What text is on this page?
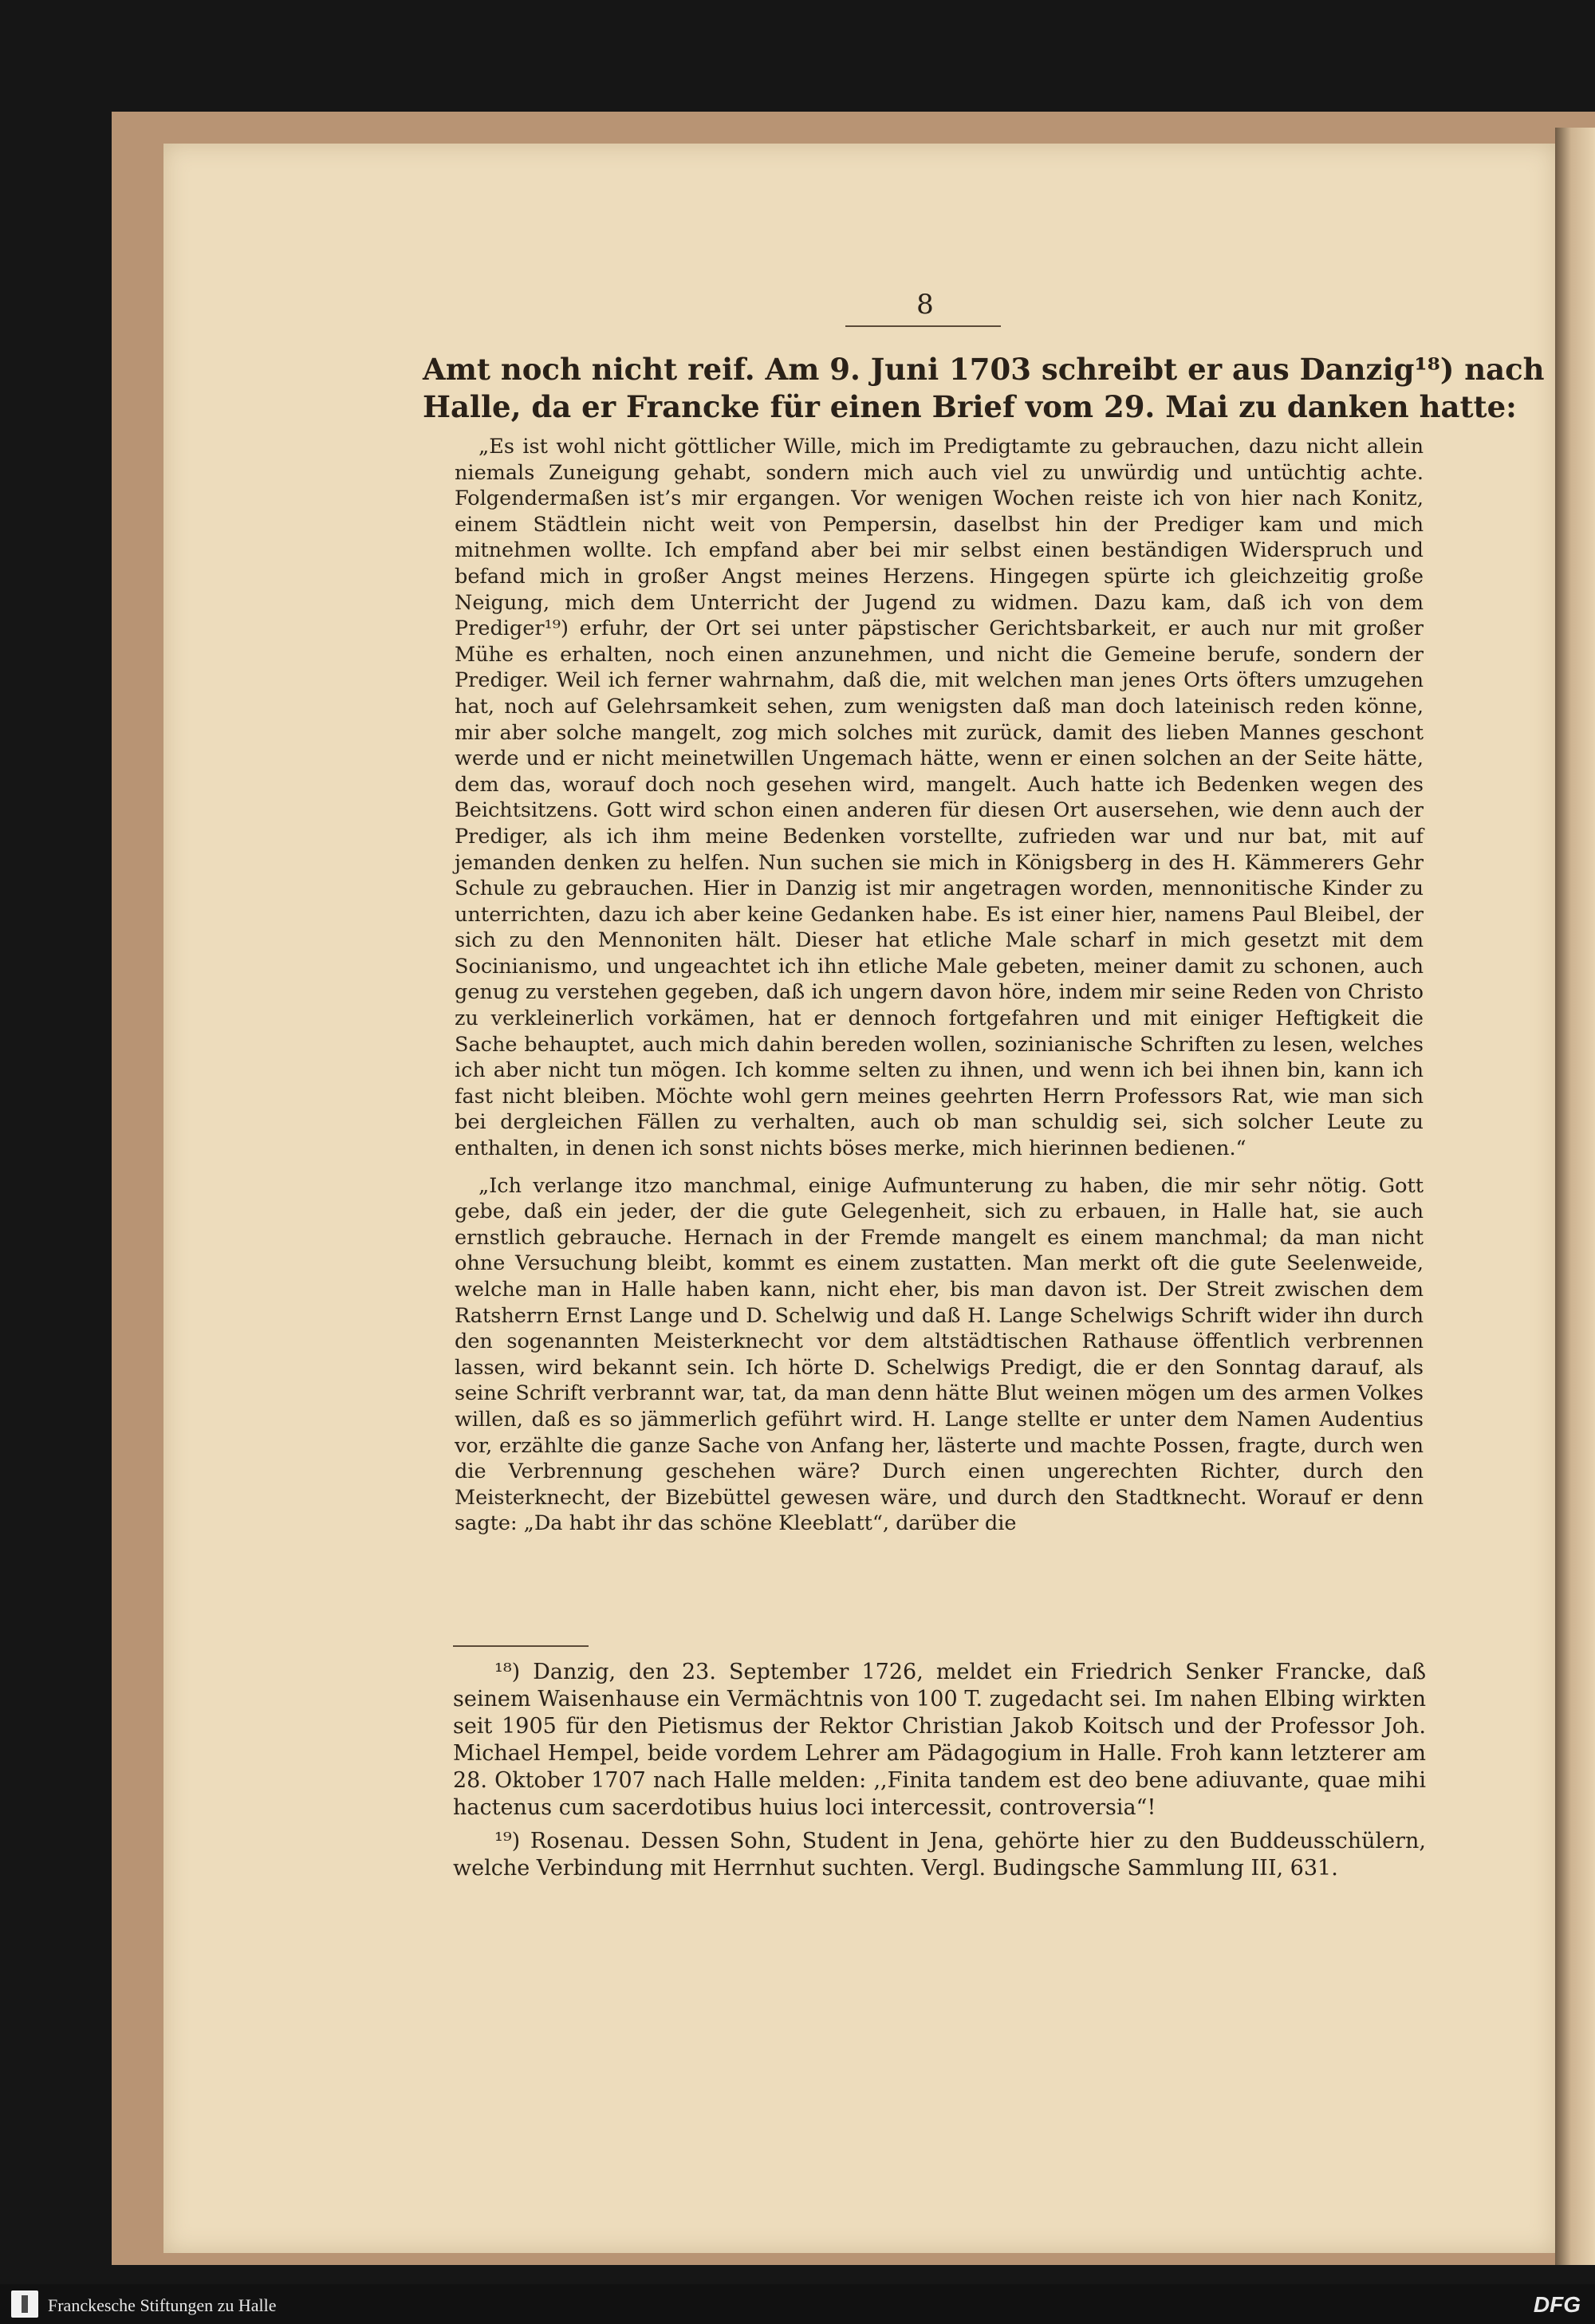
8

Amt noch nicht reif. Am 9. Juni 1703 schreibt er aus Danzig¹⁸) nach
Halle, da er Francke für einen Brief vom 29. Mai zu danken hatte:

„Es ist wohl nicht göttlicher Wille, mich im Predigtamte zu gebrauchen, dazu nicht allein niemals Zuneigung gehabt, sondern mich auch viel zu unwürdig und untüchtig achte. Folgendermaßen ist’s mir ergangen. Vor wenigen Wochen reiste ich von hier nach Konitz, einem Städtlein nicht weit von Pempersin, daselbst hin der Prediger kam und mich mitnehmen wollte. Ich empfand aber bei mir selbst einen beständigen Widerspruch und befand mich in großer Angst meines Herzens. Hingegen spürte ich gleichzeitig große Neigung, mich dem Unterricht der Jugend zu widmen. Dazu kam, daß ich von dem Prediger¹⁹) erfuhr, der Ort sei unter päpstischer Gerichtsbarkeit, er auch nur mit großer Mühe es erhalten, noch einen anzunehmen, und nicht die Gemeine berufe, sondern der Prediger. Weil ich ferner wahrnahm, daß die, mit welchen man jenes Orts öfters umzugehen hat, noch auf Gelehrsamkeit sehen, zum wenigsten daß man doch lateinisch reden könne, mir aber solche mangelt, zog mich solches mit zurück, damit des lieben Mannes geschont werde und er nicht meinetwillen Ungemach hätte, wenn er einen solchen an der Seite hätte, dem das, worauf doch noch gesehen wird, mangelt. Auch hatte ich Bedenken wegen des Beichtsitzens. Gott wird schon einen anderen für diesen Ort ausersehen, wie denn auch der Prediger, als ich ihm meine Bedenken vorstellte, zufrieden war und nur bat, mit auf jemanden denken zu helfen. Nun suchen sie mich in Königsberg in des H. Kämmerers Gehr Schule zu gebrauchen. Hier in Danzig ist mir angetragen worden, mennonitische Kinder zu unterrichten, dazu ich aber keine Gedanken habe. Es ist einer hier, namens Paul Bleibel, der sich zu den Mennoniten hält. Dieser hat etliche Male scharf in mich gesetzt mit dem Socinianismo, und ungeachtet ich ihn etliche Male gebeten, meiner damit zu schonen, auch genug zu verstehen gegeben, daß ich ungern davon höre, indem mir seine Reden von Christo zu verkleinerlich vorkämen, hat er dennoch fortgefahren und mit einiger Heftigkeit die Sache behauptet, auch mich dahin bereden wollen, sozinianische Schriften zu lesen, welches ich aber nicht tun mögen. Ich komme selten zu ihnen, und wenn ich bei ihnen bin, kann ich fast nicht bleiben. Möchte wohl gern meines geehrten Herrn Professors Rat, wie man sich bei dergleichen Fällen zu verhalten, auch ob man schuldig sei, sich solcher Leute zu enthalten, in denen ich sonst nichts böses merke, mich hierinnen bedienen.“

„Ich verlange itzo manchmal, einige Aufmunterung zu haben, die mir sehr nötig. Gott gebe, daß ein jeder, der die gute Gelegenheit, sich zu erbauen, in Halle hat, sie auch ernstlich gebrauche. Hernach in der Fremde mangelt es einem manchmal; da man nicht ohne Versuchung bleibt, kommt es einem zustatten. Man merkt oft die gute Seelenweide, welche man in Halle haben kann, nicht eher, bis man davon ist. Der Streit zwischen dem Ratsherrn Ernst Lange und D. Schelwig und daß H. Lange Schelwigs Schrift wider ihn durch den sogenannten Meisterknecht vor dem altstädtischen Rathause öffentlich verbrennen lassen, wird bekannt sein. Ich hörte D. Schelwigs Predigt, die er den Sonntag darauf, als seine Schrift verbrannt war, tat, da man denn hätte Blut weinen mögen um des armen Volkes willen, daß es so jämmerlich geführt wird. H. Lange stellte er unter dem Namen Audentius vor, erzählte die ganze Sache von Anfang her, lästerte und machte Possen, fragte, durch wen die Verbrennung geschehen wäre? Durch einen ungerechten Richter, durch den Meisterknecht, der Bizebüttel gewesen wäre, und durch den Stadtknecht. Worauf er denn sagte: „Da habt ihr das schöne Kleeblatt“, darüber die

¹⁸) Danzig, den 23. September 1726, meldet ein Friedrich Senker Francke, daß seinem Waisenhause ein Vermächtnis von 100 T. zugedacht sei. Im nahen Elbing wirkten seit 1905 für den Pietismus der Rektor Christian Jakob Koitsch und der Professor Joh. Michael Hempel, beide vordem Lehrer am Pädagogium in Halle. Froh kann letzterer am 28. Oktober 1707 nach Halle melden: ,,Finita tandem est deo bene adiuvante, quae mihi hactenus cum sacerdotibus huius loci intercessit, controversia“!

¹⁹) Rosenau. Dessen Sohn, Student in Jena, gehörte hier zu den Buddeusschülern, welche Verbindung mit Herrnhut suchten. Vergl. Budingsche Sammlung III, 631.

Franckesche Stiftungen zu Halle	DFG
